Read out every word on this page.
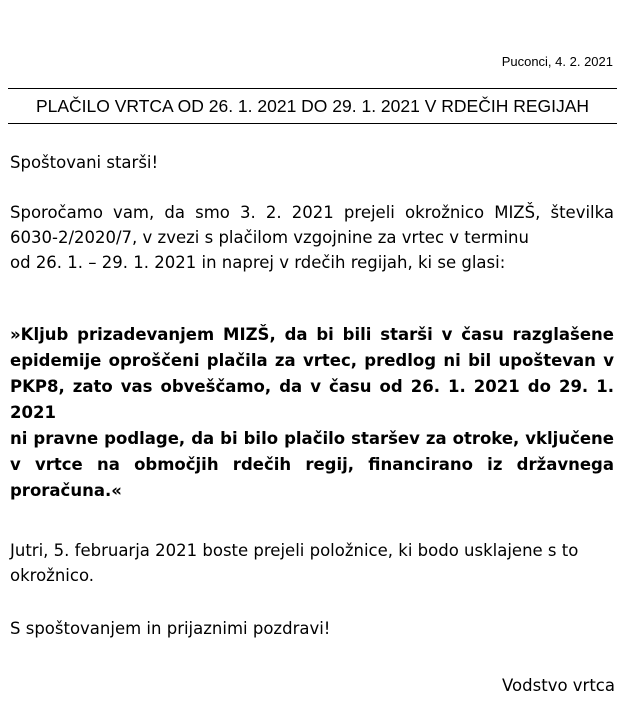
Puconci, 4. 2. 2021
PLAČILO VRTCA OD 26. 1. 2021 DO 29. 1. 2021 V RDEČIH REGIJAH

Spoštovani starši!

Sporočamo vam, da smo 3. 2. 2021 prejeli okrožnico MIZŠ, številka
6030-2/2020/7, v zvezi s plačilom vzgojnine za vrtec v terminu
od 26. 1. – 29. 1. 2021 in naprej v rdečih regijah, ki se glasi:

»Kljub prizadevanjem MIZŠ, da bi bili starši v času razglašene
epidemije oproščeni plačila za vrtec, predlog ni bil upoštevan v
PKP8, zato vas obveščamo, da v času od 26. 1. 2021 do 29. 1. 2021
ni pravne podlage, da bi bilo plačilo staršev za otroke, vključene
v vrtce na območjih rdečih regij, financirano iz državnega
proračuna.«

Jutri, 5. februarja 2021 boste prejeli položnice, ki bodo usklajene s to
okrožnico.

S spoštovanjem in prijaznimi pozdravi!

Vodstvo vrtca
